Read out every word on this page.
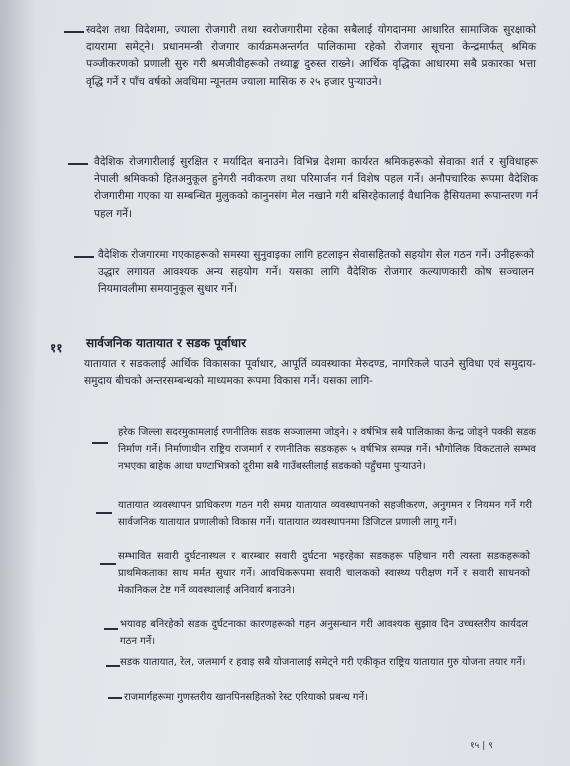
स्वदेश तथा विदेशमा, ज्याला रोजगारी तथा स्वरोजगारीमा रहेका सबैलाई योगदानमा आधारित सामाजिक सुरक्षाको दायरामा समेट्ने। प्रधानमन्त्री रोजगार कार्यक्रमअन्तर्गत पालिकामा रहेको रोजगार सूचना केन्द्रमार्फत् श्रमिक पञ्जीकरणको प्रणाली सुरु गरी श्रमजीवीहरूको तथ्याङ्क दुरुस्त राख्ने। आर्थिक वृद्धिका आधारमा सबै प्रकारका भत्ता वृद्धि गर्ने र पाँच वर्षको अवधिमा न्यूनतम ज्याला मासिक रु २५ हजार पुऱ्याउने।
वैदेशिक रोजगारीलाई सुरक्षित र मर्यादित बनाउने। विभिन्न देशमा कार्यरत श्रमिकहरूको सेवाका शर्त र सुविधाहरू नेपाली श्रमिकको हितअनुकूल हुनेगरी नवीकरण तथा परिमार्जन गर्न विशेष पहल गर्ने। अनौपचारिक रूपमा वैदेशिक रोजगारीमा गएका या सम्बन्धित मुलुकको कानुनसंग मेल नखाने गरी बसिरहेकालाई वैधानिक हैसियतमा रूपान्तरण गर्न पहल गर्ने।
वैदेशिक रोजगारमा गएकाहरूको समस्या सुनुवाइका लागि हटलाइन सेवासहितको सहयोग सेल गठन गर्ने। उनीहरूको उद्धार लगायत आवश्यक अन्य सहयोग गर्ने। यसका लागि वैदेशिक रोजगार कल्याणकारी कोष सञ्चालन नियमावलीमा समयानुकूल सुधार गर्ने।
११ सार्वजनिक यातायात र सडक पूर्वाधार
यातायात र सडकलाई आर्थिक विकासका पूर्वाधार, आपूर्ति व्यवस्थाका मेरुदण्ड, नागरिकले पाउने सुविधा एवं समुदाय-समुदाय बीचको अन्तरसम्बन्धको माध्यमका रूपमा विकास गर्ने। यसका लागि-
हरेक जिल्ला सदरमुकामलाई रणनीतिक सडक सञ्जालमा जोड्ने। २ वर्षभित्र सबै पालिकाका केन्द्र जोड्ने पक्की सडक निर्माण गर्ने। निर्माणाधीन राष्ट्रिय राजमार्ग र रणनीतिक सडकहरू ५ वर्षभित्र सम्पन्न गर्ने। भौगोलिक विकटताले सम्भव नभएका बाहेक आधा घण्टाभित्रको दूरीमा सबै गाउँबस्तीलाई सडकको पहुँचमा पुऱ्याउने।
यातायात व्यवस्थापन प्राधिकरण गठन गरी समग्र यातायात व्यवस्थापनको सहजीकरण, अनुगमन र नियमन गर्ने गरी सार्वजनिक यातायात प्रणालीको विकास गर्ने। यातायात व्यवस्थापनमा डिजिटल प्रणाली लागू गर्ने।
सम्भावित सवारी दुर्घटनास्थल र बारम्बार सवारी दुर्घटना भइरहेका सडकहरू पहिचान गरी त्यस्ता सडकहरूको प्राथमिकताका साथ मर्मत सुधार गर्ने। आवधिकरूपमा सवारी चालकको स्वास्थ्य परीक्षण गर्ने र सवारी साधनको मेकानिकल टेष्ट गर्ने व्यवस्थालाई अनिवार्य बनाउने।
भयावह बनिरहेको सडक दुर्घटनाका कारणहरूको गहन अनुसन्धान गरी आवश्यक सुझाव दिन उच्चस्तरीय कार्यदल गठन गर्ने।
सडक यातायात, रेल, जलमार्ग र हवाइ सबै योजनालाई समेट्ने गरी एकीकृत राष्ट्रिय यातायात गुरु योजना तयार गर्ने।
राजमार्गहरूमा गुणस्तरीय खानपिनसहितको रेस्ट एरियाको प्रबन्ध गर्ने।
१५ | ९
